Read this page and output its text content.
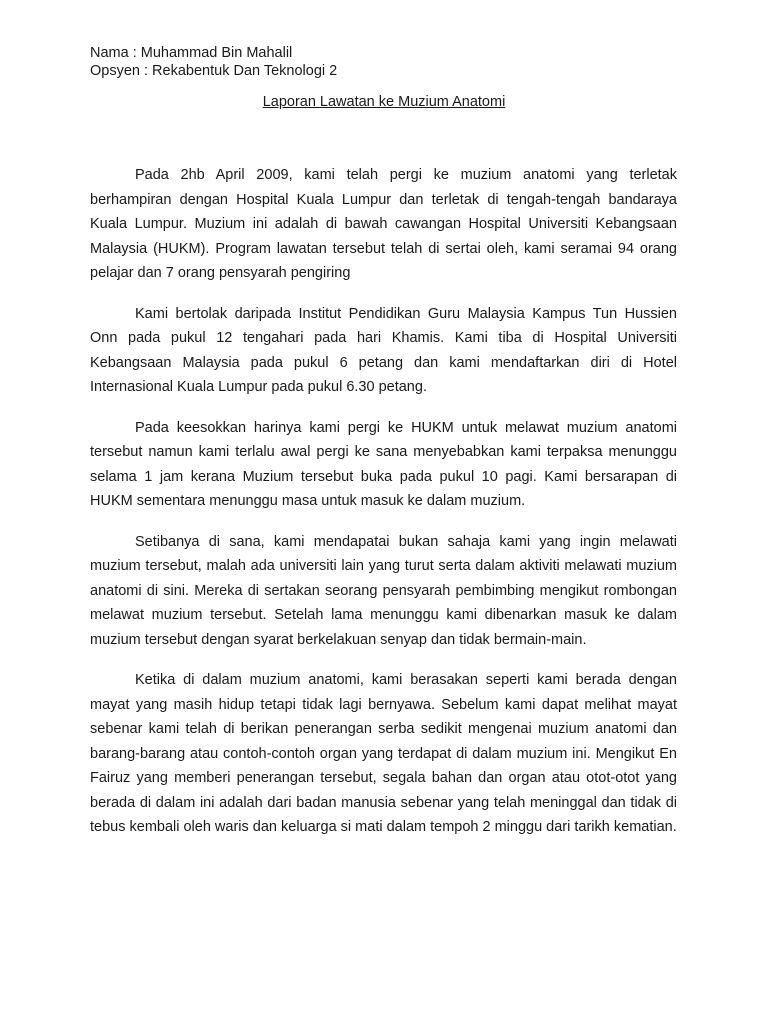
Nama : Muhammad Bin Mahalil
Opsyen : Rekabentuk Dan Teknologi 2
Laporan Lawatan ke Muzium Anatomi

Pada 2hb April 2009, kami telah pergi ke muzium anatomi yang terletak berhampiran dengan Hospital Kuala Lumpur dan terletak di tengah-tengah bandaraya Kuala Lumpur. Muzium ini adalah di bawah cawangan Hospital Universiti Kebangsaan Malaysia (HUKM). Program lawatan tersebut telah di sertai oleh, kami seramai 94 orang pelajar dan 7 orang pensyarah pengiring

Kami bertolak daripada Institut Pendidikan Guru Malaysia Kampus Tun Hussien Onn pada pukul 12 tengahari pada hari Khamis. Kami tiba di Hospital Universiti Kebangsaan Malaysia pada pukul 6 petang dan kami mendaftarkan diri di Hotel Internasional Kuala Lumpur pada pukul 6.30 petang.

Pada keesokkan harinya kami pergi ke HUKM untuk melawat muzium anatomi tersebut namun kami terlalu awal pergi ke sana menyebabkan kami terpaksa menunggu selama 1 jam kerana Muzium tersebut buka pada pukul 10 pagi. Kami bersarapan di HUKM sementara menunggu masa untuk masuk ke dalam muzium.

Setibanya di sana, kami mendapatai bukan sahaja kami yang ingin melawati muzium tersebut, malah ada universiti lain yang turut serta dalam aktiviti melawati muzium anatomi di sini. Mereka di sertakan seorang pensyarah pembimbing mengikut rombongan melawat muzium tersebut. Setelah lama menunggu kami dibenarkan masuk ke dalam muzium tersebut dengan syarat berkelakuan senyap dan tidak bermain-main.

Ketika di dalam muzium anatomi, kami berasakan seperti kami berada dengan mayat yang masih hidup tetapi tidak lagi bernyawa. Sebelum kami dapat melihat mayat sebenar kami telah di berikan penerangan serba sedikit mengenai muzium anatomi dan barang-barang atau contoh-contoh organ yang terdapat di dalam muzium ini. Mengikut En Fairuz yang memberi penerangan tersebut, segala bahan dan organ atau otot-otot yang berada di dalam ini adalah dari badan manusia sebenar yang telah meninggal dan tidak di tebus kembali oleh waris dan keluarga si mati dalam tempoh 2 minggu dari tarikh kematian.
